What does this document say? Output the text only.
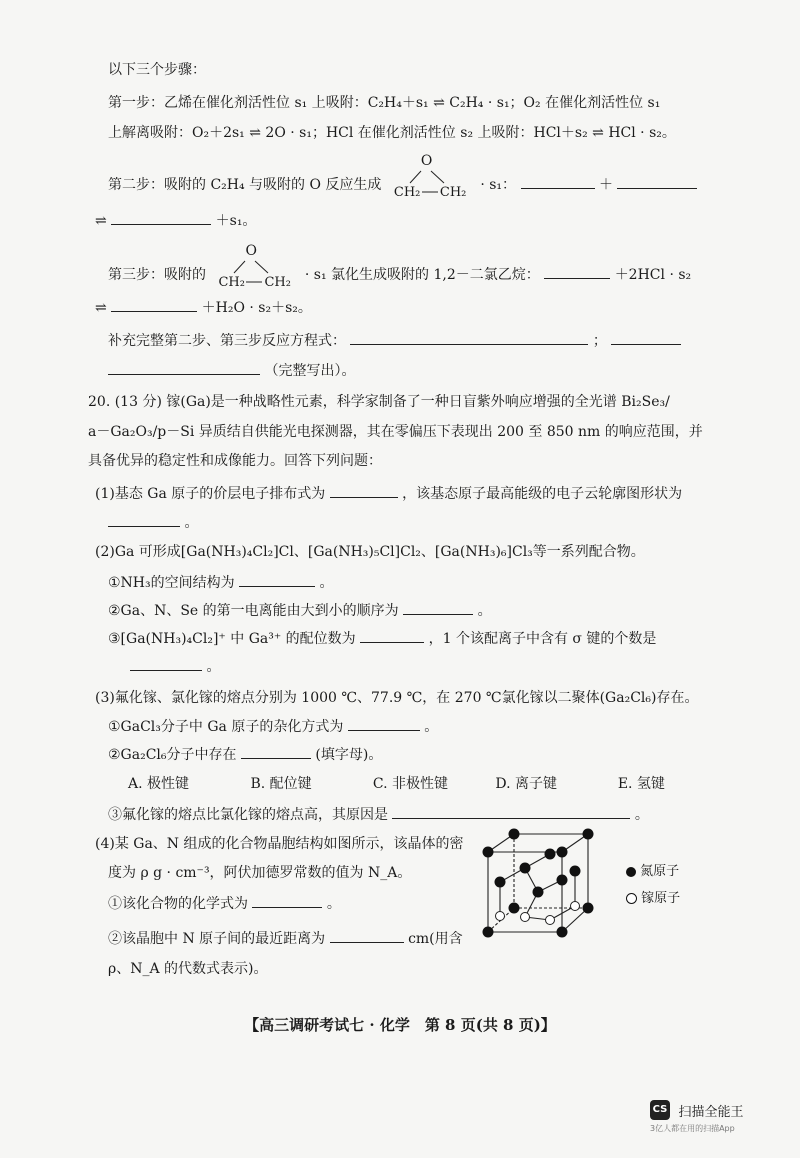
以下三个步骤：
第一步：乙烯在催化剂活性位 s₁ 上吸附：C₂H₄＋s₁ ⇌ C₂H₄ · s₁；O₂ 在催化剂活性位 s₁
上解离吸附：O₂＋2s₁ ⇌ 2O · s₁；HCl 在催化剂活性位 s₂ 上吸附：HCl＋s₂ ⇌ HCl · s₂。
第二步：吸附的 C₂H₄ 与吸附的 O 反应生成
O
CH₂ CH₂ · s₁：	＋
⇌	＋s₁。
第三步：吸附的
O
CH₂ CH₂ · s₁ 氯化生成吸附的 1,2－二氯乙烷：	＋2HCl · s₂
⇌	＋H₂O · s₂＋s₂。
补充完整第二步、第三步反应方程式：	；
（完整写出）。
20. (13 分) 镓(Ga)是一种战略性元素，科学家制备了一种日盲紫外响应增强的全光谱 Bi₂Se₃/
a－Ga₂O₃/p－Si 异质结自供能光电探测器，其在零偏压下表现出 200 至 850 nm 的响应范围，并
具备优异的稳定性和成像能力。回答下列问题：
(1)基态 Ga 原子的价层电子排布式为	，该基态原子最高能级的电子云轮廓图形状为
。
(2)Ga 可形成[Ga(NH₃)₄Cl₂]Cl、[Ga(NH₃)₅Cl]Cl₂、[Ga(NH₃)₆]Cl₃等一系列配合物。
①NH₃的空间结构为	。
②Ga、N、Se 的第一电离能由大到小的顺序为	。
③[Ga(NH₃)₄Cl₂]⁺ 中 Ga³⁺ 的配位数为	，1 个该配离子中含有 σ 键的个数是
。
(3)氟化镓、氯化镓的熔点分别为 1000 ℃、77.9 ℃，在 270 ℃氯化镓以二聚体(Ga₂Cl₆)存在。
①GaCl₃分子中 Ga 原子的杂化方式为	。
②Ga₂Cl₆分子中存在	(填字母)。
A. 极性键	B. 配位键	C. 非极性键	D. 离子键	E. 氢键
③氟化镓的熔点比氯化镓的熔点高，其原因是	。
(4)某 Ga、N 组成的化合物晶胞结构如图所示，该晶体的密
度为 ρ g · cm⁻³，阿伏加德罗常数的值为 N_A。
①该化合物的化学式为	。
②该晶胞中 N 原子间的最近距离为	cm(用含
ρ、N_A 的代数式表示)。
氮原子
镓原子
【高三调研考试七 · 化学　第 8 页(共 8 页)】
CS 扫描全能王
3亿人都在用的扫描App
